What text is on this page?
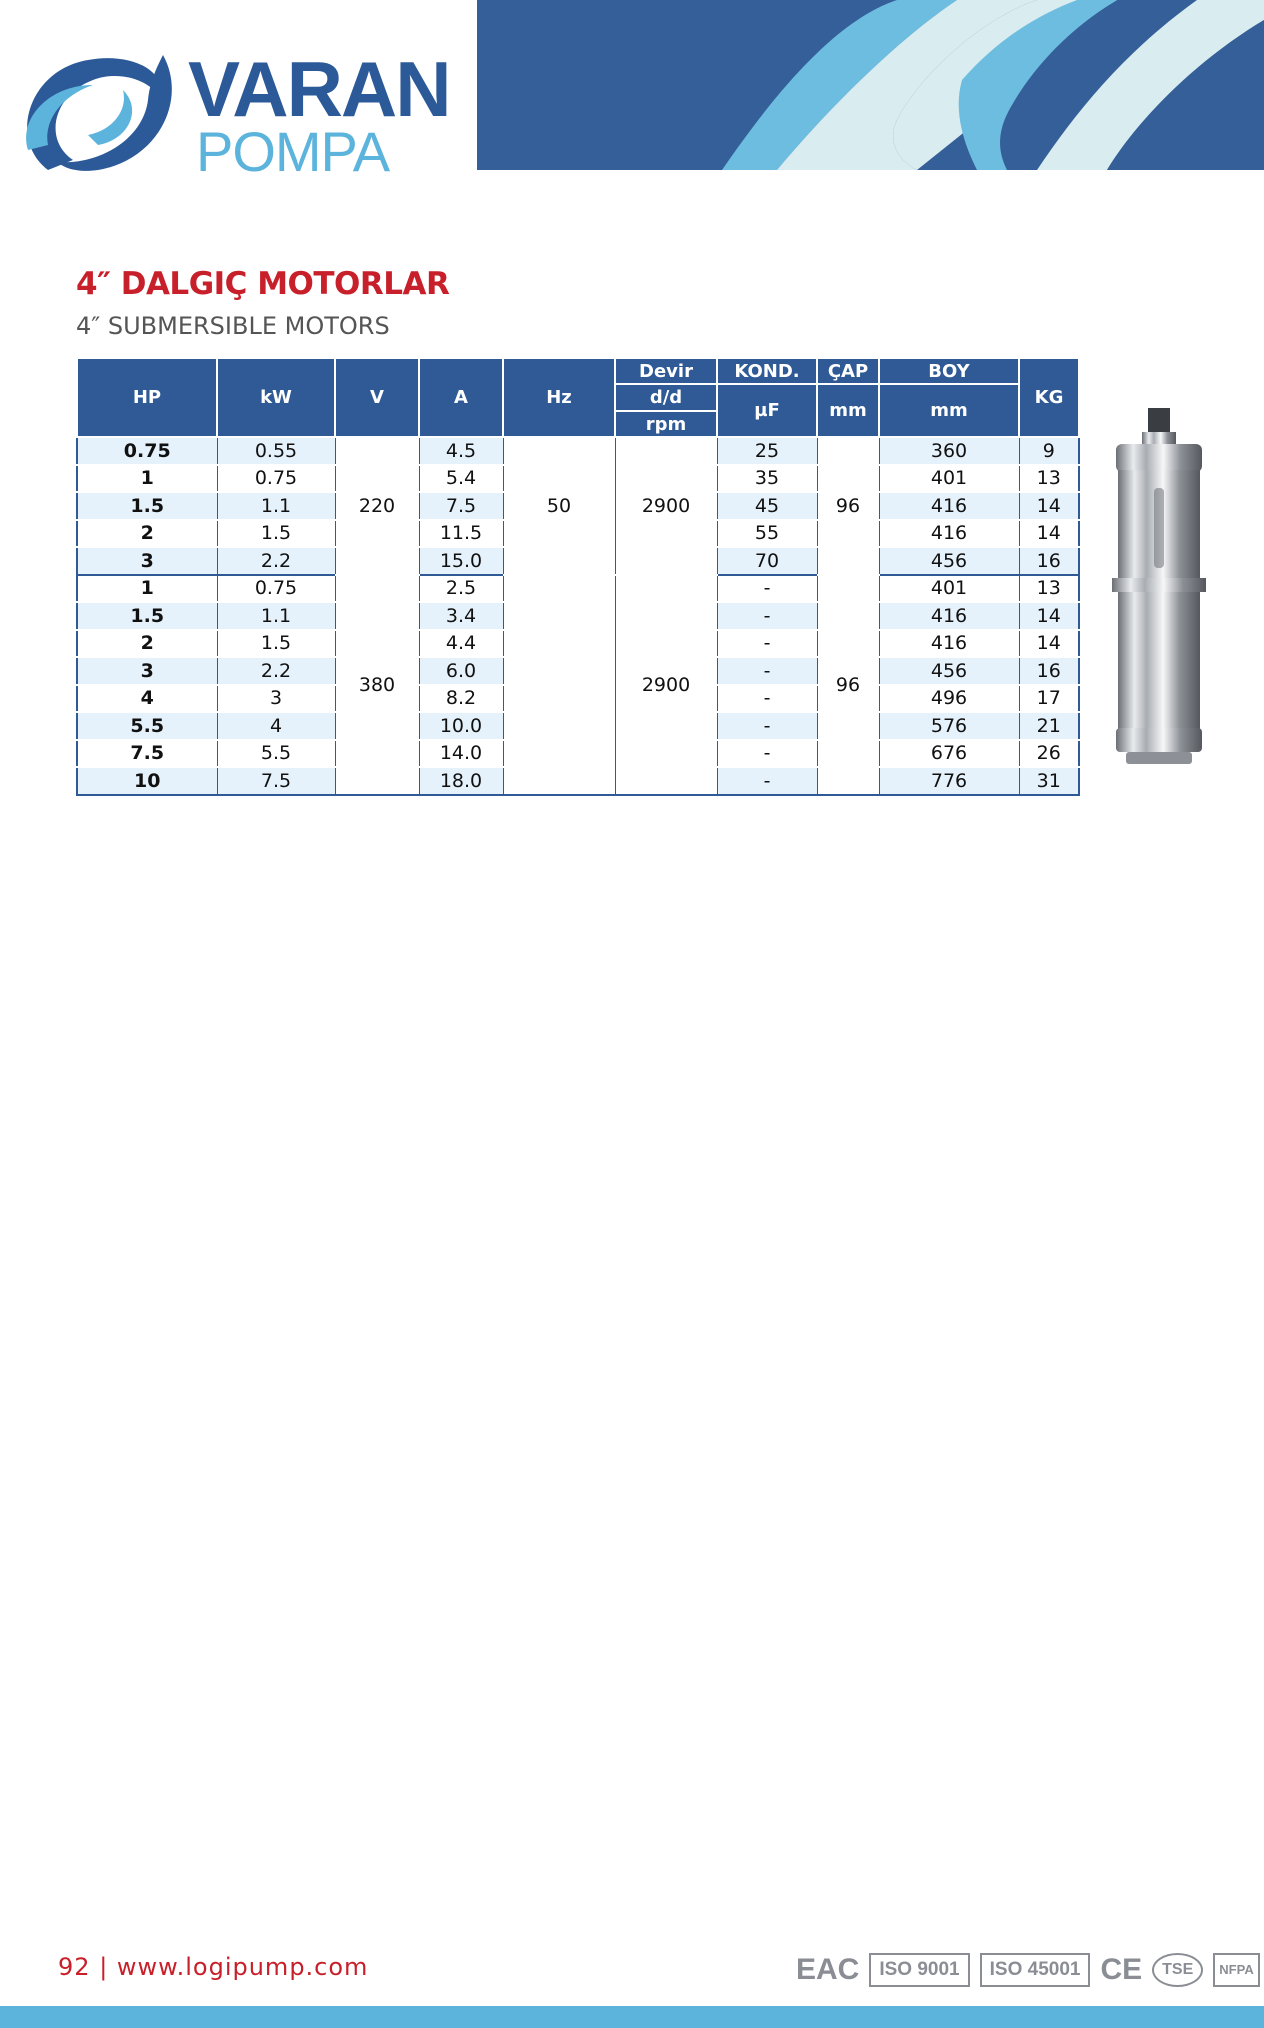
VARAN
POMPA
4″ DALGIÇ MOTORLAR
4″ SUBMERSIBLE MOTORS
HP	kW	V	A	Hz	Devir	KOND.	ÇAP	BOY	KG
					d/d	µF	mm	mm	
					rpm				
0.75	0.55	220	4.5	50	2900	25	96	360	9
1	0.75		5.4			35		401	13
1.5	1.1		7.5			45		416	14
2	1.5		11.5			55		416	14
3	2.2		15.0			70		456	16
1	0.75	380	2.5		2900	-	96	401	13
1.5	1.1		3.4			-		416	14
2	1.5		4.4			-		416	14
3	2.2		6.0			-		456	16
4	3		8.2			-		496	17
5.5	4		10.0			-		576	21
7.5	5.5		14.0			-		676	26
10	7.5		18.0			-		776	31
92 | www.logipump.com	EAC	ISO 9001	ISO 45001 CE	TSE	NFPA
